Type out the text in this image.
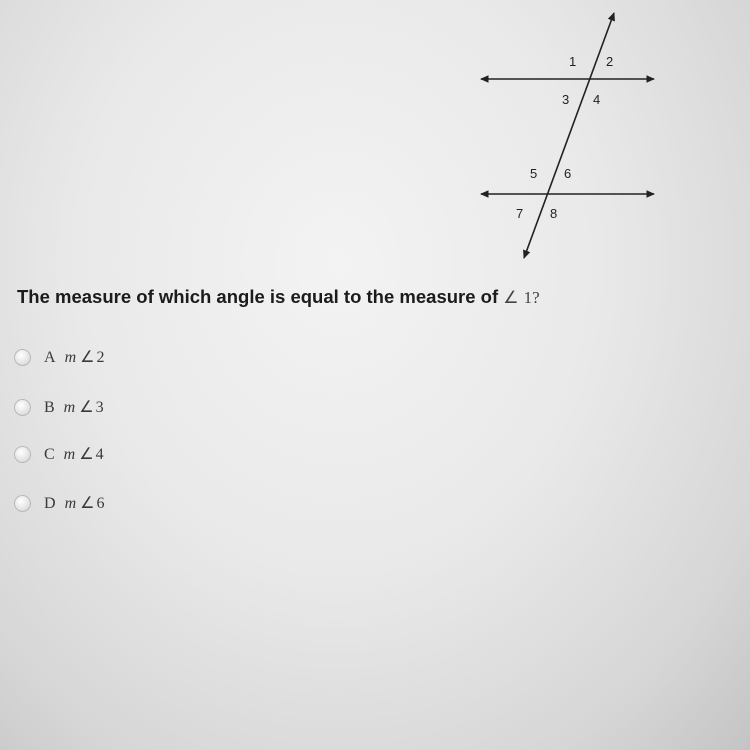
1 2
3 4
5 6
7 8
The measure of which angle is equal to the measure of ∠ 1?
A m ∠ 2
B m ∠ 3
C m ∠ 4
D m ∠ 6
